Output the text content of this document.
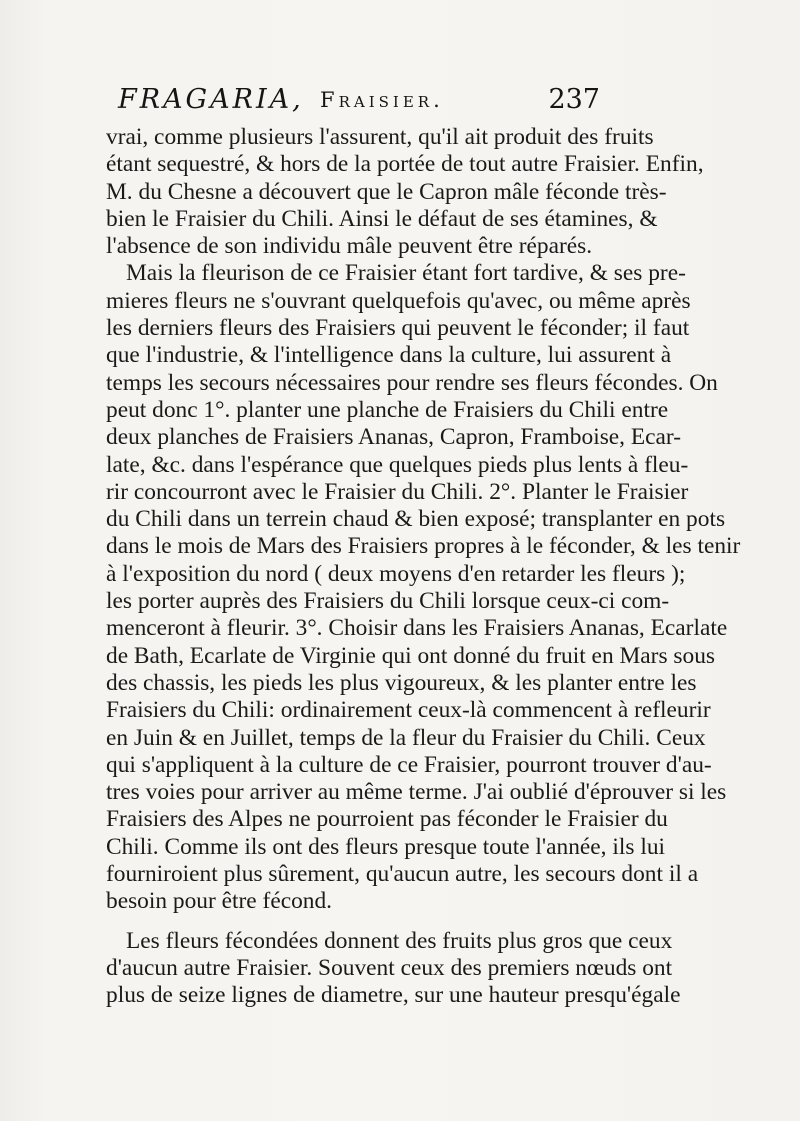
FRAGARIA, Fraisier.	237
vrai, comme plusieurs l'assurent, qu'il ait produit des fruits
étant sequestré, & hors de la portée de tout autre Fraisier. Enfin,
M. du Chesne a découvert que le Capron mâle féconde très-
bien le Fraisier du Chili. Ainsi le défaut de ses étamines, &
l'absence de son individu mâle peuvent être réparés.
Mais la fleurison de ce Fraisier étant fort tardive, & ses pre-
mieres fleurs ne s'ouvrant quelquefois qu'avec, ou même après
les derniers fleurs des Fraisiers qui peuvent le féconder; il faut
que l'industrie, & l'intelligence dans la culture, lui assurent à
temps les secours nécessaires pour rendre ses fleurs fécondes. On
peut donc 1°. planter une planche de Fraisiers du Chili entre
deux planches de Fraisiers Ananas, Capron, Framboise, Ecar-
late, &c. dans l'espérance que quelques pieds plus lents à fleu-
rir concourront avec le Fraisier du Chili. 2°. Planter le Fraisier
du Chili dans un terrein chaud & bien exposé; transplanter en pots
dans le mois de Mars des Fraisiers propres à le féconder, & les tenir
à l'exposition du nord ( deux moyens d'en retarder les fleurs );
les porter auprès des Fraisiers du Chili lorsque ceux-ci com-
menceront à fleurir. 3°. Choisir dans les Fraisiers Ananas, Ecarlate
de Bath, Ecarlate de Virginie qui ont donné du fruit en Mars sous
des chassis, les pieds les plus vigoureux, & les planter entre les
Fraisiers du Chili: ordinairement ceux-là commencent à refleurir
en Juin & en Juillet, temps de la fleur du Fraisier du Chili. Ceux
qui s'appliquent à la culture de ce Fraisier, pourront trouver d'au-
tres voies pour arriver au même terme. J'ai oublié d'éprouver si les
Fraisiers des Alpes ne pourroient pas féconder le Fraisier du
Chili. Comme ils ont des fleurs presque toute l'année, ils lui
fourniroient plus sûrement, qu'aucun autre, les secours dont il a
besoin pour être fécond.
Les fleurs fécondées donnent des fruits plus gros que ceux
d'aucun autre Fraisier. Souvent ceux des premiers nœuds ont
plus de seize lignes de diametre, sur une hauteur presqu'égale
